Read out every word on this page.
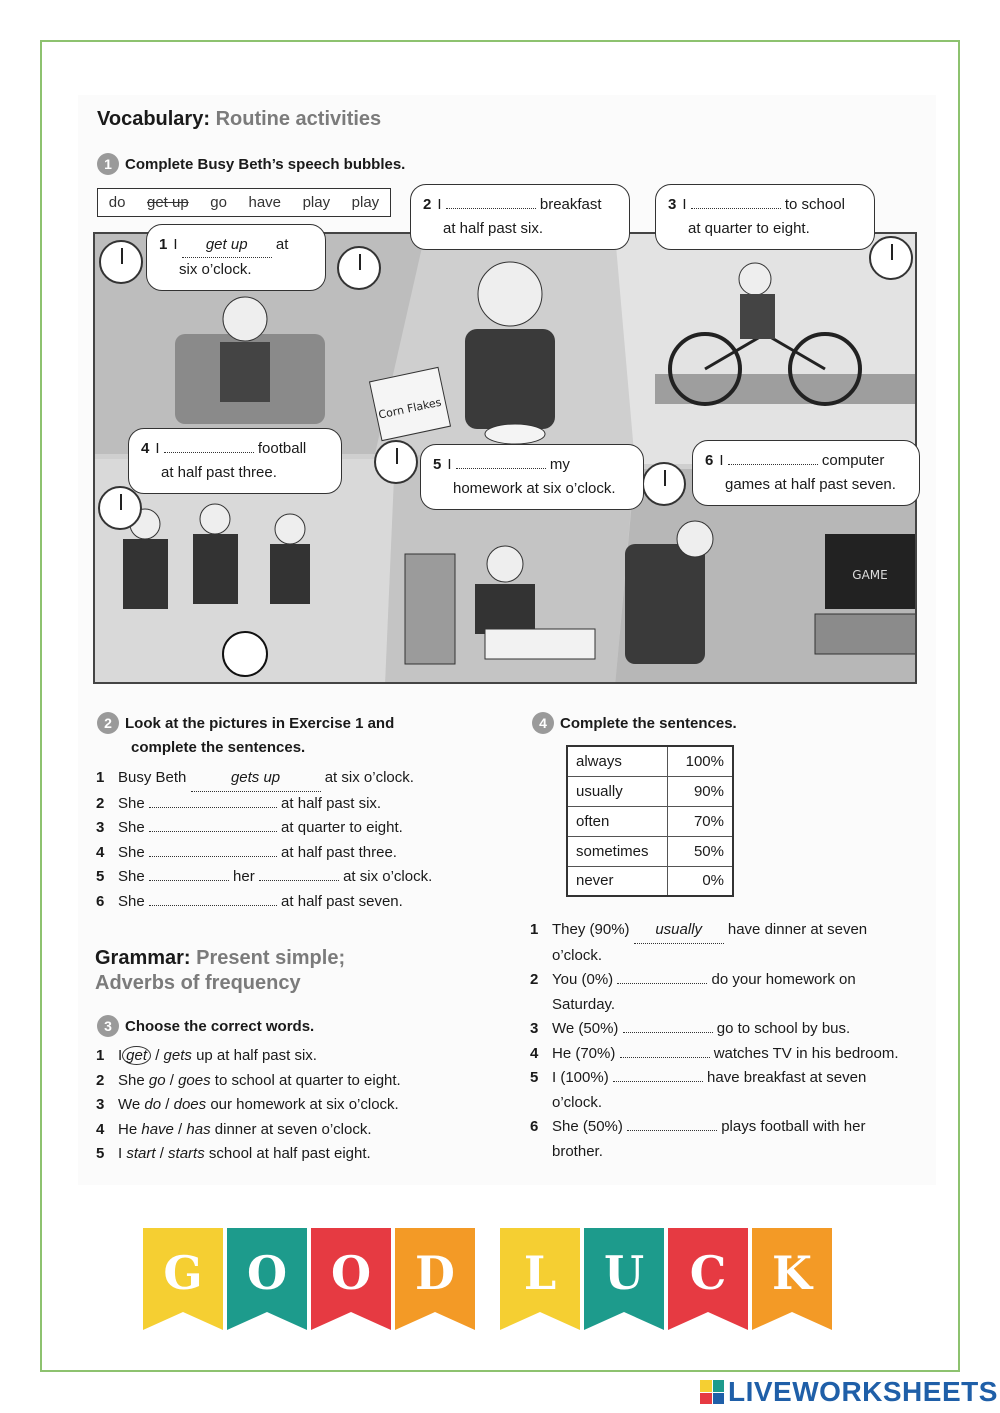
Vocabulary: Routine activities
1 Complete Busy Beth’s speech bubbles.
do get up go have play play
Corn Flakes
GAME
1 I get up at
six o’clock.
2 I	breakfast
at half past six.
3 I	to school
at quarter to eight.
4 I	football
at half past three.	5 I	my
homework at six o’clock.
6 I	computer
games at half past seven.
2 Look at the pictures in Exercise 1 and
complete the sentences.
1 Busy Beth	gets up	at six o’clock.
2 She	at half past six.
3 She	at quarter to eight.
4 She	at half past three.
5 She	her	at six o’clock.
6 She	at half past seven.
Grammar: Present simple;
Adverbs of frequency
3 Choose the correct words.
1 I get / gets up at half past six.
2 She go / goes to school at quarter to eight.
3 We do / does our homework at six o’clock.
4 He have / has dinner at seven o’clock.
5 I start / starts school at half past eight.
4 Complete the sentences.
always	100%
usually	90%
often	70%
sometimes	50%
never	0%
1 They (90%) usually have dinner at seven
o’clock.
2 You (0%)	do your homework on
Saturday.
3 We (50%)	go to school by bus.
4 He (70%)	watches TV in his bedroom.
5 I (100%)	have breakfast at seven
o’clock.
6 She (50%)	plays football with her
brother.
G O O D	L	U C K
LIVEWORKSHEETS
